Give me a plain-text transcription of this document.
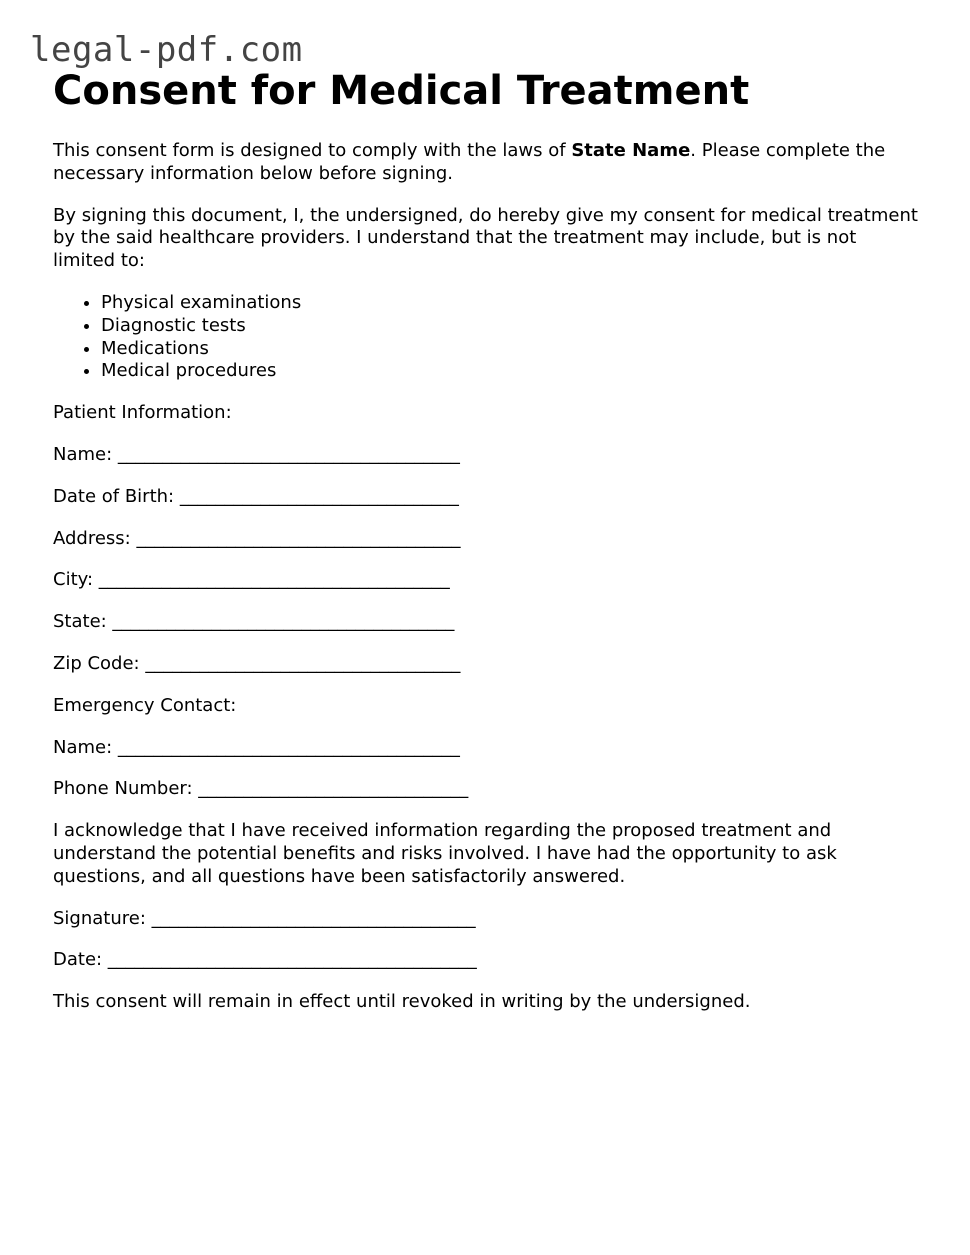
legal-pdf.com
Consent for Medical Treatment

This consent form is designed to comply with the laws of State Name. Please complete the necessary information below before signing.

By signing this document, I, the undersigned, do hereby give my consent for medical treatment by the said healthcare providers. I understand that the treatment may include, but is not limited to:

• Physical examinations
• Diagnostic tests
• Medications
• Medical procedures

Patient Information:

Name: ______________________________________

Date of Birth: _______________________________

Address: ____________________________________

City: _______________________________________

State: ______________________________________

Zip Code: ___________________________________

Emergency Contact:

Name: ______________________________________

Phone Number: ______________________________

I acknowledge that I have received information regarding the proposed treatment and understand the potential benefits and risks involved. I have had the opportunity to ask questions, and all questions have been satisfactorily answered.

Signature: ____________________________________

Date: _________________________________________

This consent will remain in effect until revoked in writing by the undersigned.
